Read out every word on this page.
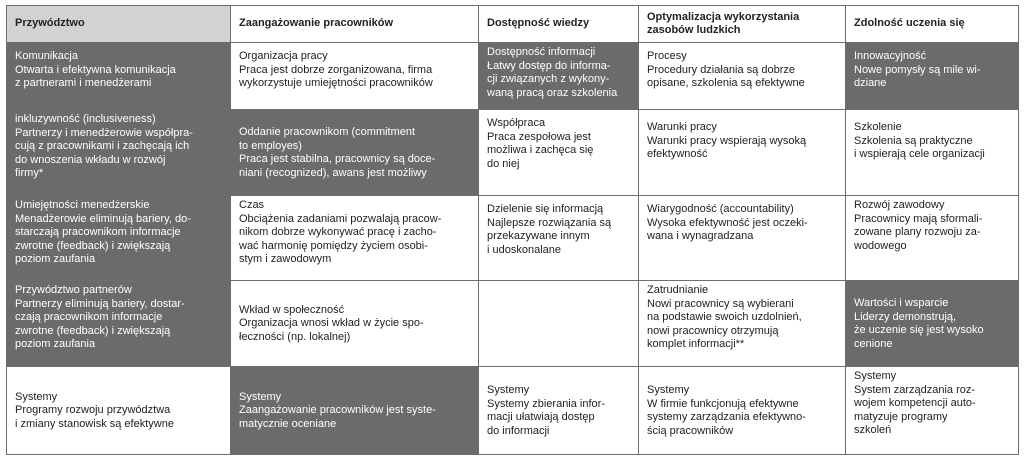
Przywództwo	Zaangażowanie pracowników	Dostępność wiedzy	Optymalizacja wykorzystania
zasobów ludzkich	Zdolność uczenia się

Komunikacja
Otwarta i efektywna komunikacja
z partnerami i menedżerami	Organizacja pracy
Praca jest dobrze zorganizowana, firma
wykorzystuje umiejętności pracowników	Dostępność informacji
Łatwy dostęp do informa-
cji związanych z wykony-
waną pracą oraz szkolenia	Procesy
Procedury działania są dobrze
opisane, szkolenia są efektywne	Innowacyjność
Nowe pomysły są mile wi-
dziane

inkluzywność (inclusiveness)
Partnerzy i menedżerowie współpra-
cują z pracownikami i zachęcają ich
do wnoszenia wkładu w rozwój
firmy*	Oddanie pracownikom (commitment
to employes)
Praca jest stabilna, pracownicy są doce-
niani (recognized), awans jest możliwy	Współpraca
Praca zespołowa jest
możliwa i zachęca się
do niej	Warunki pracy
Warunki pracy wspierają wysoką
efektywność	Szkolenie
Szkolenia są praktyczne
i wspierają cele organizacji

Umiejętności menedżerskie
Menadżerowie eliminują bariery, do-
starczają pracownikom informacje
zwrotne (feedback) i zwiększają
poziom zaufania	Czas
Obciążenia zadaniami pozwalają pracow-
nikom dobrze wykonywać pracę i zacho-
wać harmonię pomiędzy życiem osobi-
stym i zawodowym	Dzielenie się informacją
Najlepsze rozwiązania są
przekazywane innym
i udoskonalane	Wiarygodność (accountability)
Wysoka efektywność jest oczeki-
wana i wynagradzana	Rozwój zawodowy
Pracownicy mają sformali-
zowane plany rozwoju za-
wodowego

Przywództwo partnerów
Partnerzy eliminują bariery, dostar-
czają pracownikom informacje
zwrotne (feedback) i zwiększają
poziom zaufania	Wkład w społeczność
Organizacja wnosi wkład w życie spo-
łeczności (np. lokalnej)		Zatrudnianie
Nowi pracownicy są wybierani
na podstawie swoich uzdolnień,
nowi pracownicy otrzymują
komplet informacji**	Wartości i wsparcie
Liderzy demonstrują,
że uczenie się jest wysoko
cenione

Systemy
Programy rozwoju przywództwa
i zmiany stanowisk są efektywne	Systemy
Zaangażowanie pracowników jest syste-
matycznie oceniane	Systemy
Systemy zbierania infor-
macji ułatwiają dostęp
do informacji	Systemy
W firmie funkcjonują efektywne
systemy zarządzania efektywno-
ścią pracowników	Systemy
System zarządzania roz-
wojem kompetencji auto-
matyzuje programy
szkoleń
